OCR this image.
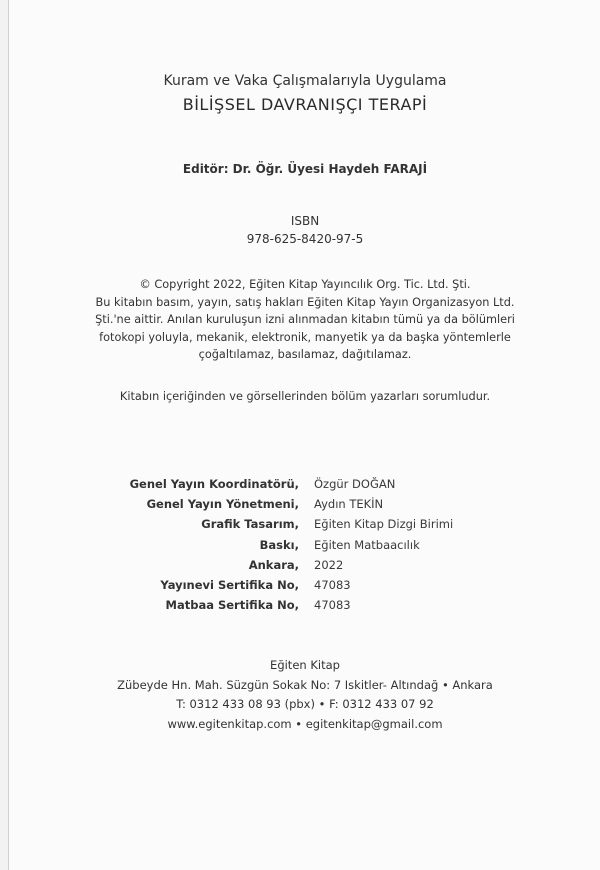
Kuram ve Vaka Çalışmalarıyla Uygulama
BİLİŞSEL DAVRANIŞÇI TERAPİ
Editör: Dr. Öğr. Üyesi Haydeh FARAJİ
ISBN
978-625-8420-97-5
© Copyright 2022, Eğiten Kitap Yayıncılık Org. Tic. Ltd. Şti.
Bu kitabın basım, yayın, satış hakları Eğiten Kitap Yayın Organizasyon Ltd.
Şti.'ne aittir. Anılan kuruluşun izni alınmadan kitabın tümü ya da bölümleri
fotokopi yoluyla, mekanik, elektronik, manyetik ya da başka yöntemlerle
çoğaltılamaz, basılamaz, dağıtılamaz.
Kitabın içeriğinden ve görsellerinden bölüm yazarları sorumludur.
Genel Yayın Koordinatörü, Özgür DOĞAN
Genel Yayın Yönetmeni, Aydın TEKİN
Grafik Tasarım, Eğiten Kitap Dizgi Birimi
Baskı, Eğiten Matbaacılık
Ankara, 2022
Yayınevi Sertifika No, 47083
Matbaa Sertifika No, 47083
Eğiten Kitap
Zübeyde Hn. Mah. Süzgün Sokak No: 7 Iskitler- Altındağ • Ankara
T: 0312 433 08 93 (pbx) • F: 0312 433 07 92
www.egitenkitap.com • egitenkitap@gmail.com
